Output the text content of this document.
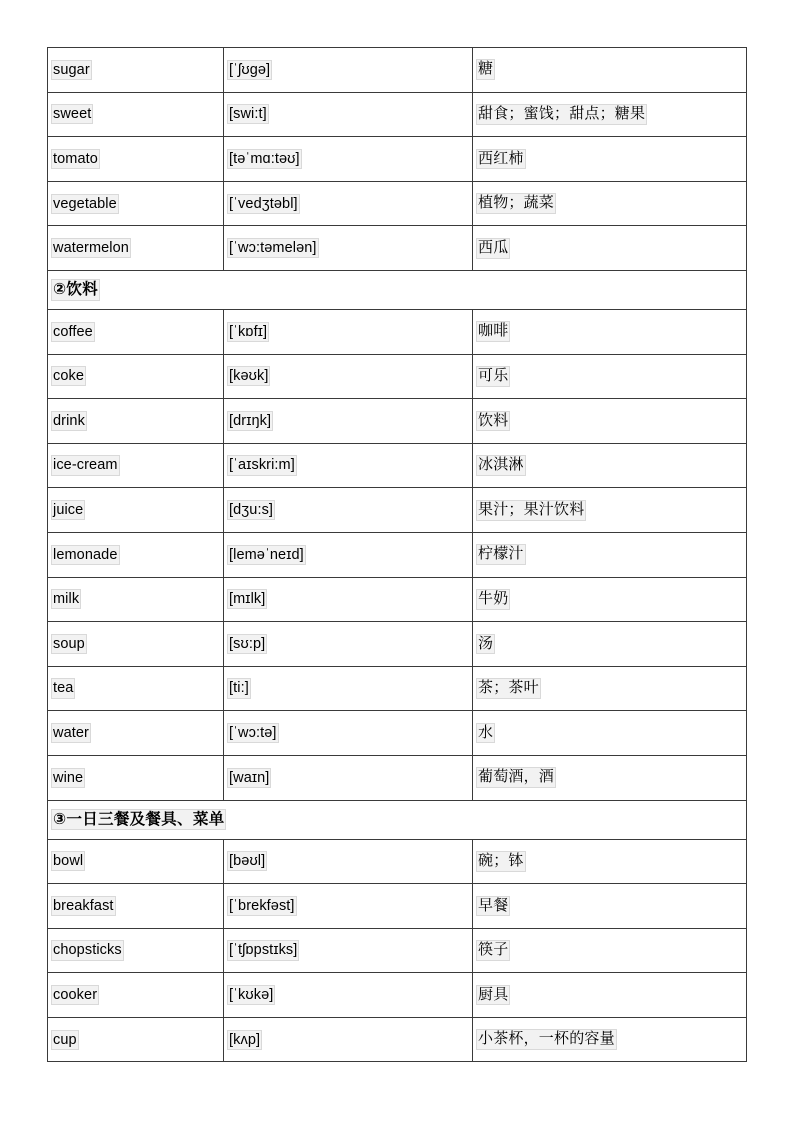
sugar	[ˈʃʊgə]	糖
sweet	[swi:t]	甜食；蜜饯；甜点；糖果
tomato	[təˈmɑ:təʊ]	西红柿
vegetable	[ˈvedʒtəbl]	植物；蔬菜
watermelon	[ˈwɔ:təmelən]	西瓜
②饮料		
coffee	[ˈkɒfɪ]	咖啡
coke	[kəʊk]	可乐
drink	[drɪŋk]	饮料
ice-cream	[ˈaɪskri:m]	冰淇淋
juice	[dʒu:s]	果汁；果汁饮料
lemonade	[leməˈneɪd]	柠檬汁
milk	[mɪlk]	牛奶
soup	[sʊ:p]	汤
tea	[ti:]	茶；茶叶
water	[ˈwɔ:tə]	水
wine	[waɪn]	葡萄酒，酒
③一日三餐及餐具、菜单		
bowl	[bəʊl]	碗；钵
breakfast	[ˈbrekfəst]	早餐
chopsticks	[ˈtʃɒpstɪks]	筷子
cooker	[ˈkʊkə]	厨具
cup	[kʌp]	小茶杯，一杯的容量
